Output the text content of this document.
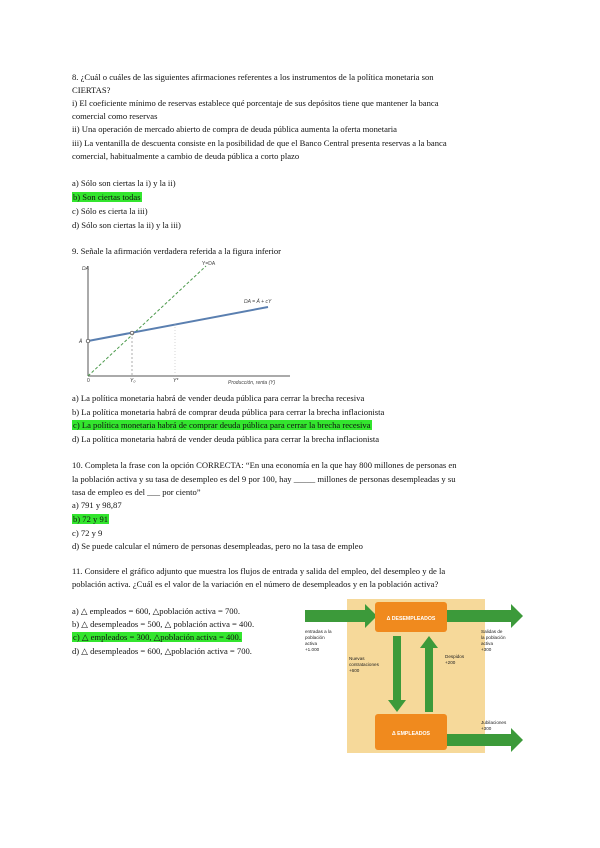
8. ¿Cuál o cuáles de las siguientes afirmaciones referentes a los instrumentos de la política monetaria son
CIERTAS?
i) El coeficiente mínimo de reservas establece qué porcentaje de sus depósitos tiene que mantener la banca
comercial como reservas
ii) Una operación de mercado abierto de compra de deuda pública aumenta la oferta monetaria
iii) La ventanilla de descuenta consiste en la posibilidad de que el Banco Central presenta reservas a la banca
comercial, habitualmente a cambio de deuda pública a corto plazo
a) Sólo son ciertas la i) y la ii)
b) Son ciertas todas
c) Sólo es cierta la iii)
d) Sólo son ciertas la ii) y la iii)
9. Señale la afirmación verdadera referida a la figura inferior
DA
Y=DA
DA = Ā + cY
Ā
Y₀	Y*
0	Producción, renta (Y)
a) La política monetaria habrá de vender deuda pública para cerrar la brecha recesiva
b) La política monetaria habrá de comprar deuda pública para cerrar la brecha inflacionista
c) La política monetaria habrá de comprar deuda pública para cerrar la brecha recesiva
d) La política monetaria habrá de vender deuda pública para cerrar la brecha inflacionista
10. Completa la frase con la opción CORRECTA: “En una economía en la que hay 800 millones de personas en
la población activa y su tasa de desempleo es del 9 por 100, hay _____ millones de personas desempleadas y su
tasa de empleo es del ___ por ciento”
a) 791 y 98,87
b) 72 y 91
c) 72 y 9
d) Se puede calcular el número de personas desempleadas, pero no la tasa de empleo
11. Considere el gráfico adjunto que muestra los flujos de entrada y salida del empleo, del desempleo y de la
población activa. ¿Cuál es el valor de la variación en el número de desempleados y en la población activa?
a) △ empleados = 600, △población activa = 700.
b) △ desempleados = 500, △ población activa = 400.
c) △ empleados = 300, △población activa = 400.
d) △ desempleados = 600, △población activa = 700.
Δ DESEMPLEADOS
Δ EMPLEADOS
entradas a la
población
activa
+1.000
Salidas de
la población
activa
+300
Nuevas
contrataciones
+600
Despidos
+200
Jubilaciones
+300
